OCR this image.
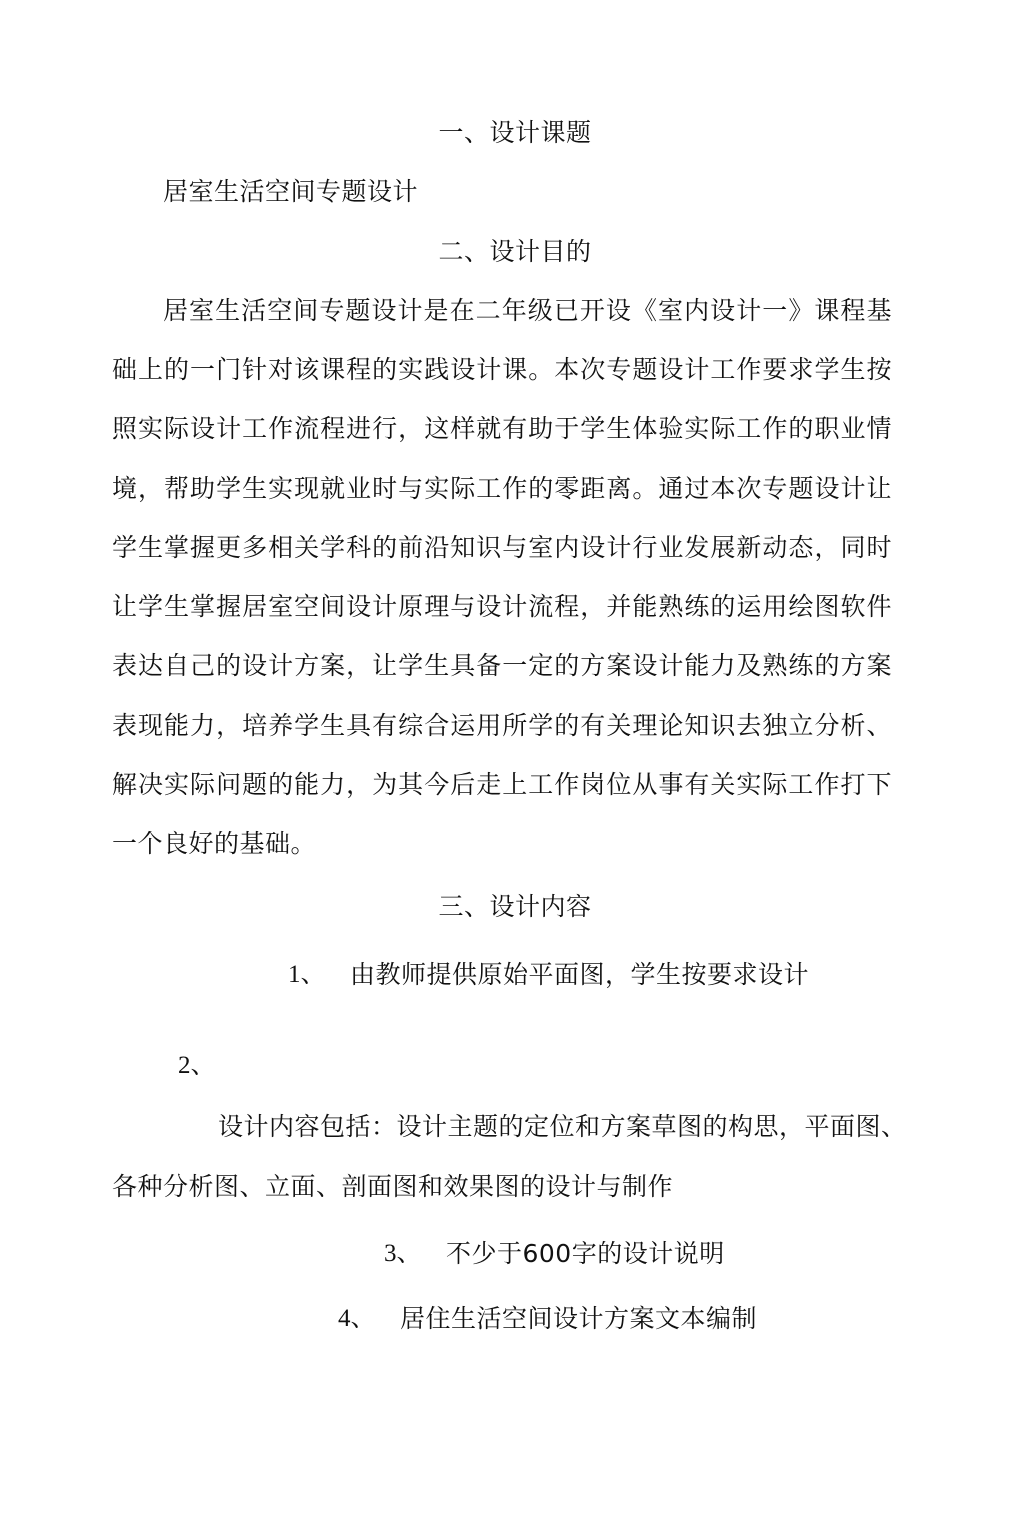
一、设计课题
居室生活空间专题设计
二、设计目的
居室生活空间专题设计是在二年级已开设《室内设计一》课程基
础上的一门针对该课程的实践设计课。本次专题设计工作要求学生按
照实际设计工作流程进行，这样就有助于学生体验实际工作的职业情
境，帮助学生实现就业时与实际工作的零距离。通过本次专题设计让
学生掌握更多相关学科的前沿知识与室内设计行业发展新动态，同时
让学生掌握居室空间设计原理与设计流程，并能熟练的运用绘图软件
表达自己的设计方案，让学生具备一定的方案设计能力及熟练的方案
表现能力，培养学生具有综合运用所学的有关理论知识去独立分析、
解决实际问题的能力，为其今后走上工作岗位从事有关实际工作打下
一个良好的基础。
三、设计内容
1、 由教师提供原始平面图，学生按要求设计
2、
设计内容包括：设计主题的定位和方案草图的构思，平面图、
各种分析图、立面、剖面图和效果图的设计与制作
3、 不少于600字的设计说明
4、 居住生活空间设计方案文本编制
